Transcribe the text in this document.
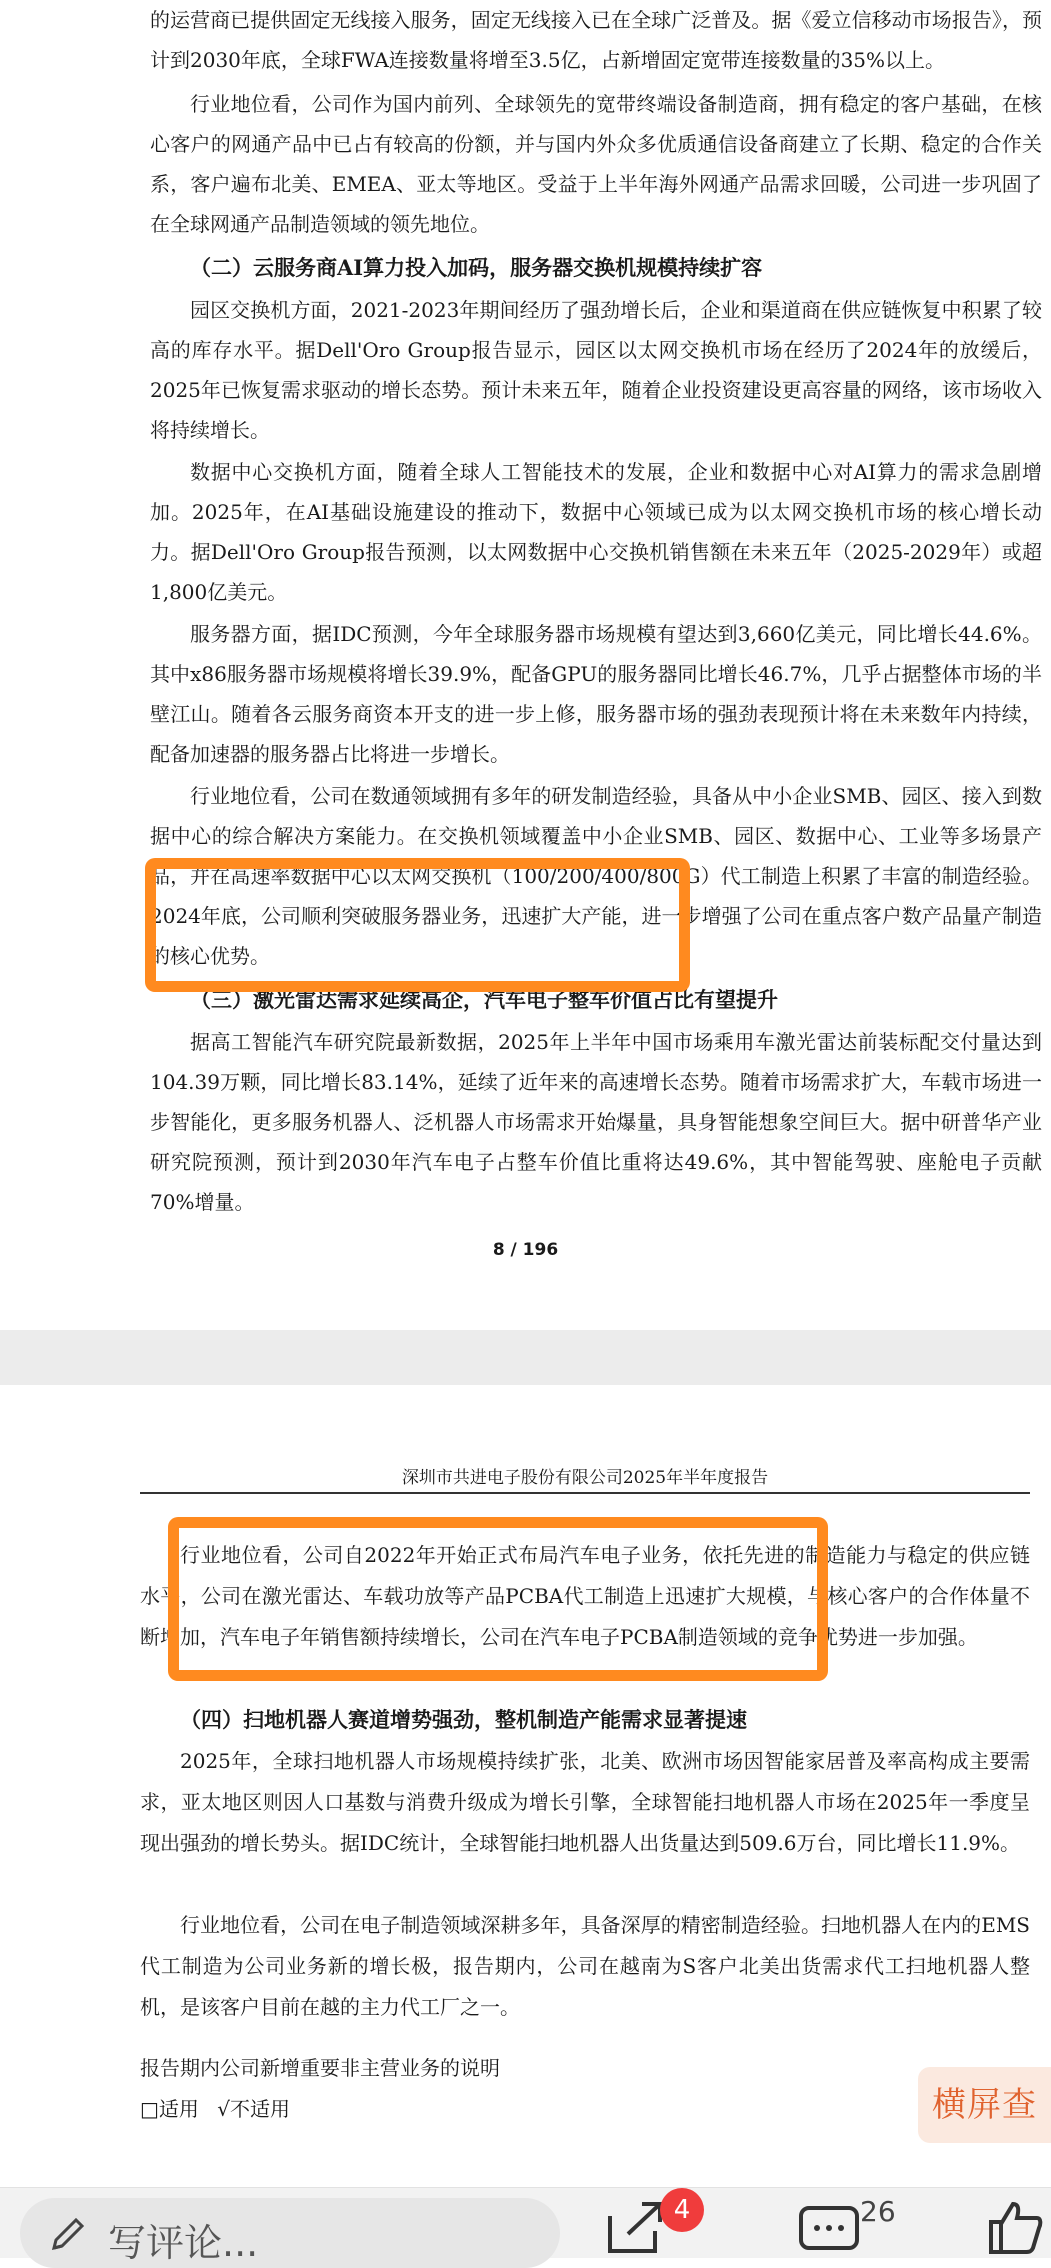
的运营商已提供固定无线接入服务，固定无线接入已在全球广泛普及。据《爱立信移动市场报告》，预计到2030年底，全球FWA连接数量将增至3.5亿，占新增固定宽带连接数量的35%以上。

行业地位看，公司作为国内前列、全球领先的宽带终端设备制造商，拥有稳定的客户基础，在核心客户的网通产品中已占有较高的份额，并与国内外众多优质通信设备商建立了长期、稳定的合作关系，客户遍布北美、EMEA、亚太等地区。受益于上半年海外网通产品需求回暖，公司进一步巩固了在全球网通产品制造领域的领先地位。

（二）云服务商AI算力投入加码，服务器交换机规模持续扩容

园区交换机方面，2021-2023年期间经历了强劲增长后，企业和渠道商在供应链恢复中积累了较高的库存水平。据Dell'Oro Group报告显示，园区以太网交换机市场在经历了2024年的放缓后，2025年已恢复需求驱动的增长态势。预计未来五年，随着企业投资建设更高容量的网络，该市场收入将持续增长。

数据中心交换机方面，随着全球人工智能技术的发展，企业和数据中心对AI算力的需求急剧增加。2025年，在AI基础设施建设的推动下，数据中心领域已成为以太网交换机市场的核心增长动力。据Dell'Oro Group报告预测，以太网数据中心交换机销售额在未来五年（2025-2029年）或超1,800亿美元。

服务器方面，据IDC预测，今年全球服务器市场规模有望达到3,660亿美元，同比增长44.6%。其中x86服务器市场规模将增长39.9%，配备GPU的服务器同比增长46.7%，几乎占据整体市场的半壁江山。随着各云服务商资本开支的进一步上修，服务器市场的强劲表现预计将在未来数年内持续，配备加速器的服务器占比将进一步增长。

行业地位看，公司在数通领域拥有多年的研发制造经验，具备从中小企业SMB、园区、接入到数据中心的综合解决方案能力。在交换机领域覆盖中小企业SMB、园区、数据中心、工业等多场景产品，并在高速率数据中心以太网交换机（100/200/400/800G）代工制造上积累了丰富的制造经验。2024年底，公司顺利突破服务器业务，迅速扩大产能，进一步增强了公司在重点客户数产品量产制造的核心优势。

（三）激光雷达需求延续高企，汽车电子整车价值占比有望提升

据高工智能汽车研究院最新数据，2025年上半年中国市场乘用车激光雷达前装标配交付量达到104.39万颗，同比增长83.14%，延续了近年来的高速增长态势。随着市场需求扩大，车载市场进一步智能化，更多服务机器人、泛机器人市场需求开始爆量，具身智能想象空间巨大。据中研普华产业研究院预测，预计到2030年汽车电子占整车价值比重将达49.6%，其中智能驾驶、座舱电子贡献70%增量。

8 / 196
深圳市共进电子股份有限公司2025年半年度报告

行业地位看，公司自2022年开始正式布局汽车电子业务，依托先进的制造能力与稳定的供应链水平，公司在激光雷达、车载功放等产品PCBA代工制造上迅速扩大规模，与核心客户的合作体量不断增加，汽车电子年销售额持续增长，公司在汽车电子PCBA制造领域的竞争优势进一步加强。

（四）扫地机器人赛道增势强劲，整机制造产能需求显著提速

2025年，全球扫地机器人市场规模持续扩张，北美、欧洲市场因智能家居普及率高构成主要需求，亚太地区则因人口基数与消费升级成为增长引擎，全球智能扫地机器人市场在2025年一季度呈现出强劲的增长势头。据IDC统计，全球智能扫地机器人出货量达到509.6万台，同比增长11.9%。

行业地位看，公司在电子制造领域深耕多年，具备深厚的精密制造经验。扫地机器人在内的EMS代工制造为公司业务新的增长极，报告期内，公司在越南为S客户北美出货需求代工扫地机器人整机，是该客户目前在越的主力代工厂之一。

报告期内公司新增重要非主营业务的说明

□适用 √不适用	横屏查
写评论...
4	26
